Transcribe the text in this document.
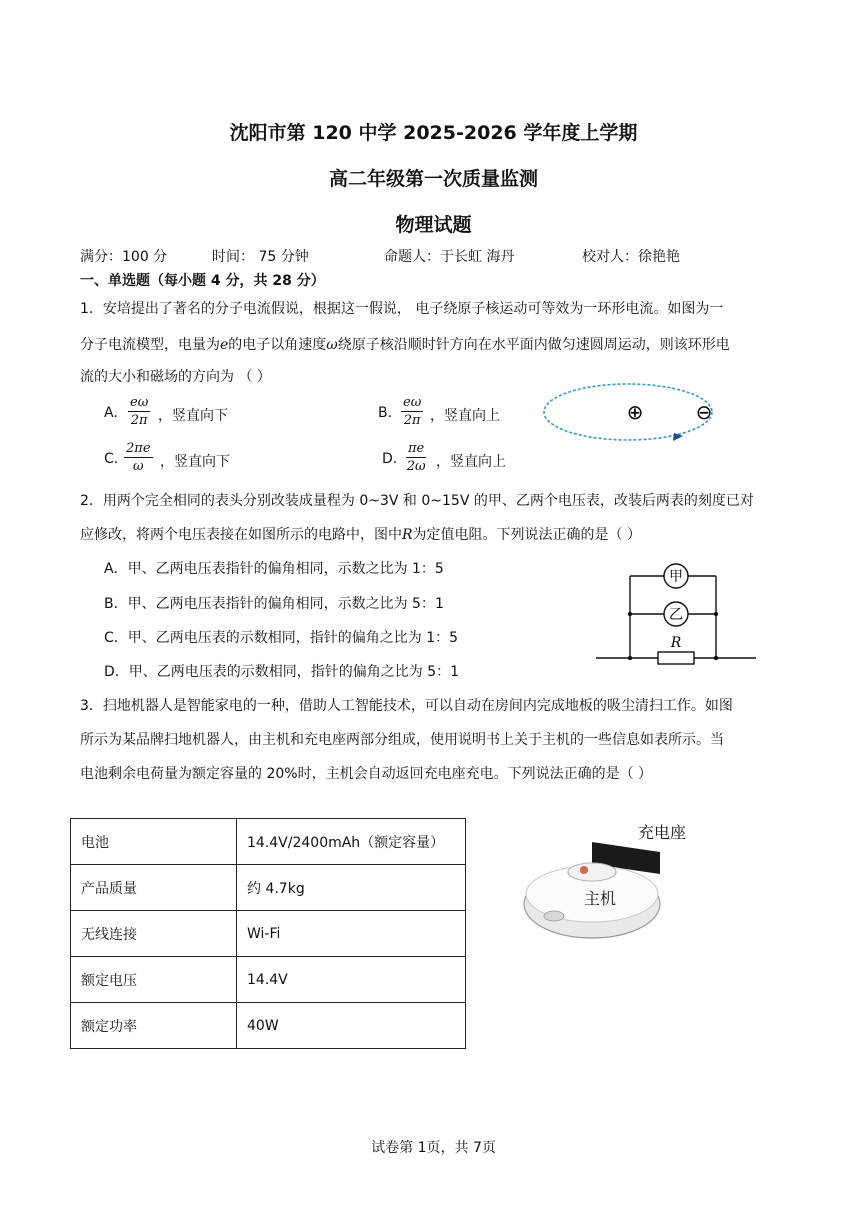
沈阳市第 120 中学 2025-2026 学年度上学期
高二年级第一次质量监测
物理试题
满分：100 分	时间： 75 分钟	命题人：于长虹 海丹	校对人：徐艳艳
一、单选题（每小题 4 分，共 28 分）
1．安培提出了著名的分子电流假说，根据这一假说， 电子绕原子核运动可等效为一环形电流。如图为一
分子电流模型，电量为e的电子以角速度ω绕原子核沿顺时针方向在水平面内做匀速圆周运动，则该环形电
流的大小和磁场的方向为 （ ）
A. $\frac{e\omega}{2\pi}$ ，竖直向下	B. $\frac{e\omega}{2\pi}$ ，竖直向上
C. $\frac{2\pi e}{\omega}$ ，竖直向下	D. $\frac{\pi e}{2\omega}$ ，竖直向上
⊕	⊖
2．用两个完全相同的表头分别改装成量程为 0~3V 和 0~15V 的甲、乙两个电压表，改装后两表的刻度已对
应修改，将两个电压表接在如图所示的电路中，图中R为定值电阻。下列说法正确的是（ ）
A．甲、乙两电压表指针的偏角相同，示数之比为 1：5
B．甲、乙两电压表指针的偏角相同，示数之比为 5：1
C．甲、乙两电压表的示数相同，指针的偏角之比为 1：5
D．甲、乙两电压表的示数相同，指针的偏角之比为 5：1
甲
乙
R
3．扫地机器人是智能家电的一种，借助人工智能技术，可以自动在房间内完成地板的吸尘清扫工作。如图
所示为某品牌扫地机器人，由主机和充电座两部分组成，使用说明书上关于主机的一些信息如表所示。当
电池剩余电荷量为额定容量的 20%时，主机会自动返回充电座充电。下列说法正确的是（ ）
电池	14.4V/2400mAh（额定容量）
产品质量	约 4.7kg
无线连接	Wi-Fi
额定电压	14.4V
额定功率	40W
充电座
主机
试卷第 1页，共 7页
